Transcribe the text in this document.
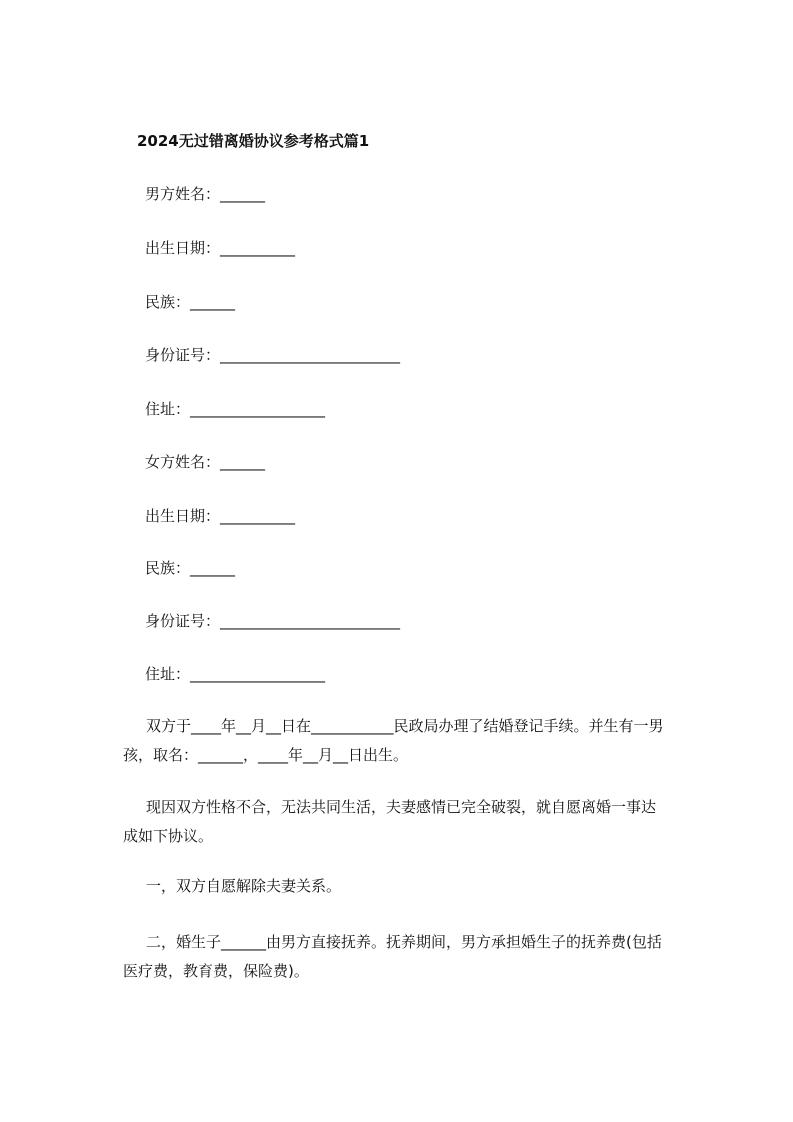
2024无过错离婚协议参考格式篇1
男方姓名：______
出生日期：__________
民族：______
身份证号：________________________
住址：__________________
女方姓名：______
出生日期：__________
民族：______
身份证号：________________________
住址：__________________
双方于____年__月__日在___________民政局办理了结婚登记手续。并生有一男
孩，取名：______，____年__月__日出生。
现因双方性格不合，无法共同生活，夫妻感情已完全破裂，就自愿离婚一事达
成如下协议。
一，双方自愿解除夫妻关系。
二，婚生子______由男方直接抚养。抚养期间，男方承担婚生子的抚养费(包括
医疗费，教育费，保险费)。
